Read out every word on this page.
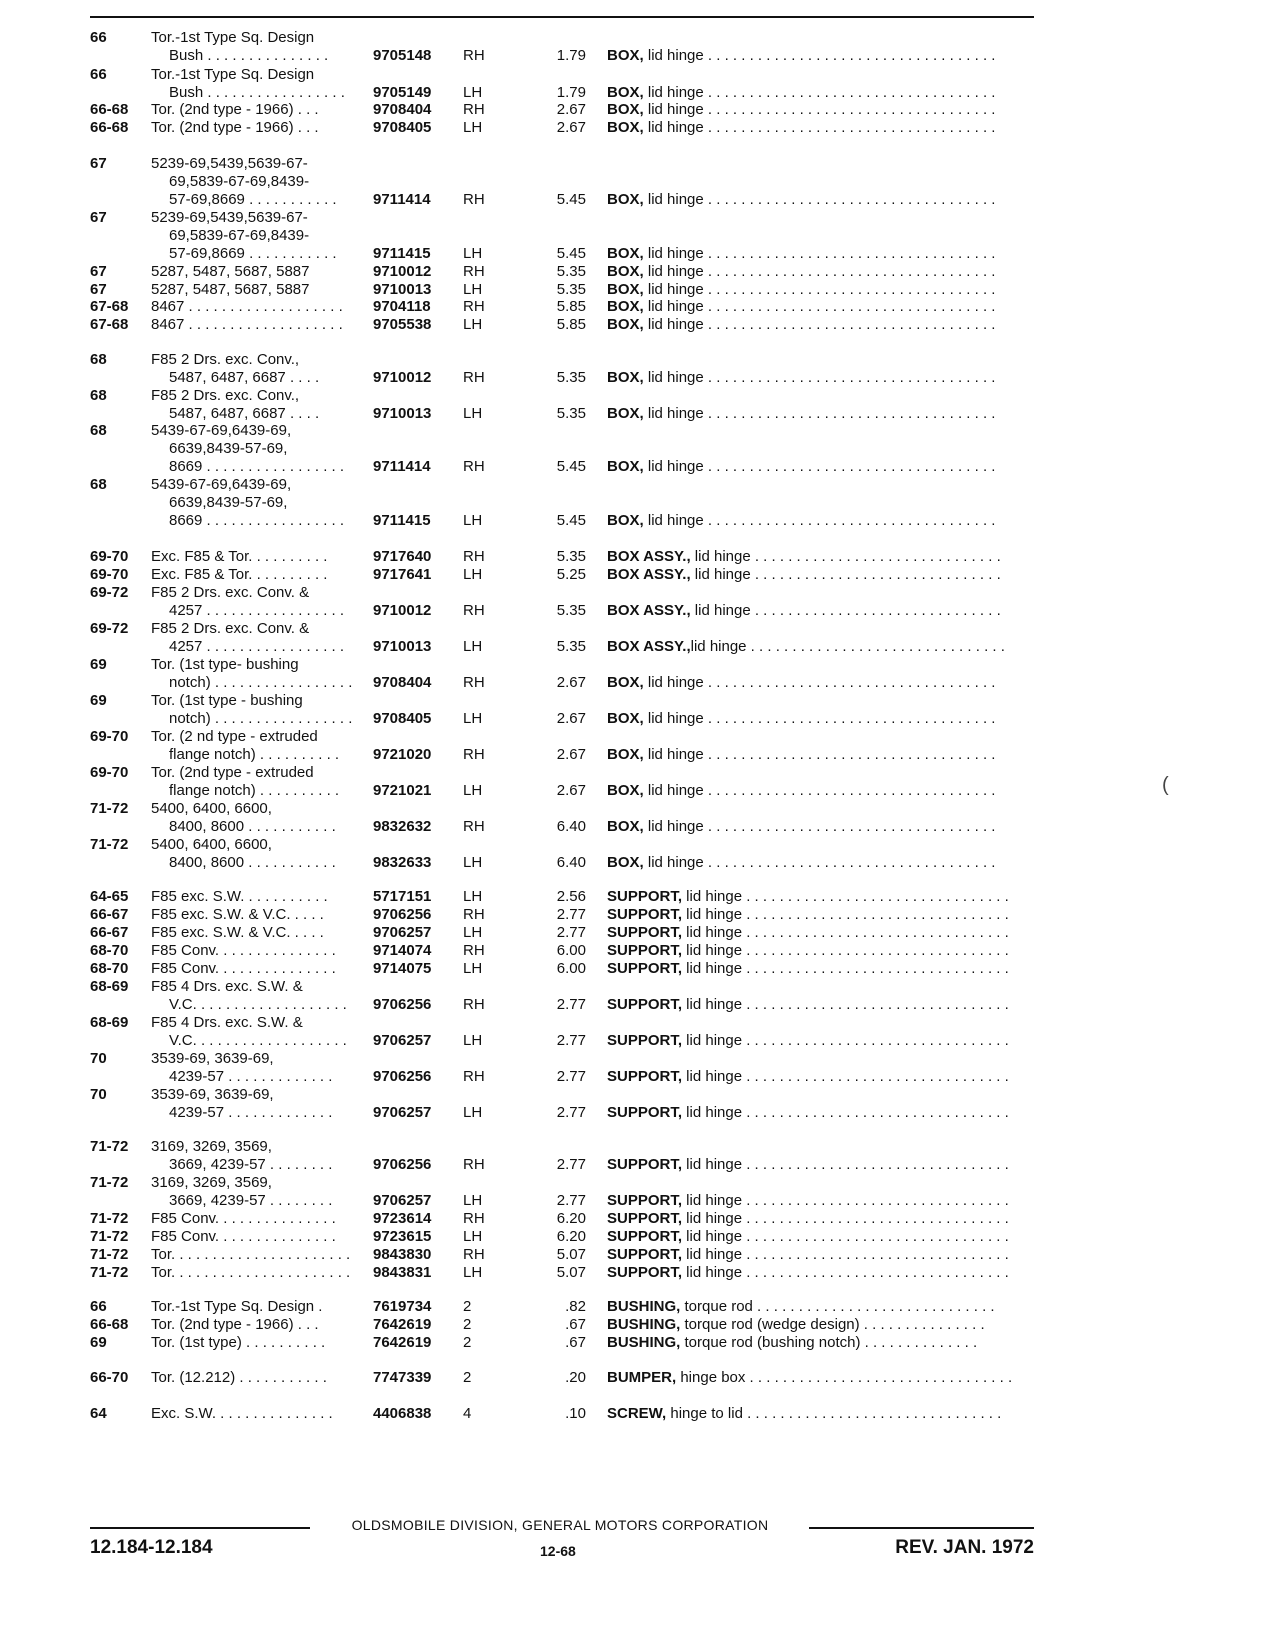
66	Tor.-1st Type Sq. Design
Bush . . . . . . . . . . . . . . .	9705148 RH	1.79 BOX, lid hinge . . . . . . . . . . . . . . . . . . . . . . . . . . . . . . . . . . .
66	Tor.-1st Type Sq. Design
Bush . . . . . . . . . . . . . . . . .	9705149 LH	1.79 BOX, lid hinge . . . . . . . . . . . . . . . . . . . . . . . . . . . . . . . . . . .
66-68 Tor. (2nd type - 1966) . . .	9708404 RH	2.67 BOX, lid hinge . . . . . . . . . . . . . . . . . . . . . . . . . . . . . . . . . . .
66-68 Tor. (2nd type - 1966) . . .	9708405 LH	2.67 BOX, lid hinge . . . . . . . . . . . . . . . . . . . . . . . . . . . . . . . . . . .
67	5239-69,5439,5639-67-
69,5839-67-69,8439-
57-69,8669 . . . . . . . . . . .	9711414 RH	5.45 BOX, lid hinge . . . . . . . . . . . . . . . . . . . . . . . . . . . . . . . . . . .
67	5239-69,5439,5639-67-
69,5839-67-69,8439-
57-69,8669 . . . . . . . . . . .	9711415 LH	5.45 BOX, lid hinge . . . . . . . . . . . . . . . . . . . . . . . . . . . . . . . . . . .
67	5287, 5487, 5687, 5887	9710012 RH	5.35 BOX, lid hinge . . . . . . . . . . . . . . . . . . . . . . . . . . . . . . . . . . .
67	5287, 5487, 5687, 5887	9710013 LH	5.35 BOX, lid hinge . . . . . . . . . . . . . . . . . . . . . . . . . . . . . . . . . . .
67-68 8467 . . . . . . . . . . . . . . . . . . .	9704118 RH	5.85 BOX, lid hinge . . . . . . . . . . . . . . . . . . . . . . . . . . . . . . . . . . .
67-68 8467 . . . . . . . . . . . . . . . . . . .	9705538 LH	5.85 BOX, lid hinge . . . . . . . . . . . . . . . . . . . . . . . . . . . . . . . . . . .
68	F85 2 Drs. exc. Conv.,
5487, 6487, 6687 . . . .	9710012 RH	5.35 BOX, lid hinge . . . . . . . . . . . . . . . . . . . . . . . . . . . . . . . . . . .
68	F85 2 Drs. exc. Conv.,
5487, 6487, 6687 . . . .	9710013 LH	5.35 BOX, lid hinge . . . . . . . . . . . . . . . . . . . . . . . . . . . . . . . . . . .
68	5439-67-69,6439-69,
6639,8439-57-69,
8669 . . . . . . . . . . . . . . . . .	9711414 RH	5.45 BOX, lid hinge . . . . . . . . . . . . . . . . . . . . . . . . . . . . . . . . . . .
68	5439-67-69,6439-69,
6639,8439-57-69,
8669 . . . . . . . . . . . . . . . . .	9711415 LH	5.45 BOX, lid hinge . . . . . . . . . . . . . . . . . . . . . . . . . . . . . . . . . . .
69-70 Exc. F85 & Tor. . . . . . . . . .	9717640 RH	5.35 BOX ASSY., lid hinge . . . . . . . . . . . . . . . . . . . . . . . . . . . . . .
69-70 Exc. F85 & Tor. . . . . . . . . .	9717641 LH	5.25 BOX ASSY., lid hinge . . . . . . . . . . . . . . . . . . . . . . . . . . . . . .
69-72 F85 2 Drs. exc. Conv. &
4257 . . . . . . . . . . . . . . . . .	9710012 RH	5.35 BOX ASSY., lid hinge . . . . . . . . . . . . . . . . . . . . . . . . . . . . . .
69-72 F85 2 Drs. exc. Conv. &
4257 . . . . . . . . . . . . . . . . .	9710013 LH	5.35 BOX ASSY.,lid hinge . . . . . . . . . . . . . . . . . . . . . . . . . . . . . . .
69	Tor. (1st type- bushing
notch) . . . . . . . . . . . . . . . . .	9708404 RH	2.67 BOX, lid hinge . . . . . . . . . . . . . . . . . . . . . . . . . . . . . . . . . . .
69	Tor. (1st type - bushing
notch) . . . . . . . . . . . . . . . . .	9708405 LH	2.67 BOX, lid hinge . . . . . . . . . . . . . . . . . . . . . . . . . . . . . . . . . . .
69-70 Tor. (2 nd type - extruded
flange notch) . . . . . . . . . .	9721020 RH	2.67 BOX, lid hinge . . . . . . . . . . . . . . . . . . . . . . . . . . . . . . . . . . .
69-70 Tor. (2nd type - extruded
flange notch) . . . . . . . . . .	9721021 LH	2.67 BOX, lid hinge . . . . . . . . . . . . . . . . . . . . . . . . . . . . . . . . . . .
71-72 5400, 6400, 6600,
8400, 8600 . . . . . . . . . . .	9832632 RH	6.40 BOX, lid hinge . . . . . . . . . . . . . . . . . . . . . . . . . . . . . . . . . . .
71-72 5400, 6400, 6600,
8400, 8600 . . . . . . . . . . .	9832633 LH	6.40 BOX, lid hinge . . . . . . . . . . . . . . . . . . . . . . . . . . . . . . . . . . .
64-65 F85 exc. S.W. . . . . . . . . . .	5717151 LH	2.56 SUPPORT, lid hinge . . . . . . . . . . . . . . . . . . . . . . . . . . . . . . . .
66-67 F85 exc. S.W. & V.C. . . . .	9706256 RH	2.77 SUPPORT, lid hinge . . . . . . . . . . . . . . . . . . . . . . . . . . . . . . . .
66-67 F85 exc. S.W. & V.C. . . . .	9706257 LH	2.77 SUPPORT, lid hinge . . . . . . . . . . . . . . . . . . . . . . . . . . . . . . . .
68-70 F85 Conv. . . . . . . . . . . . . . .	9714074 RH	6.00 SUPPORT, lid hinge . . . . . . . . . . . . . . . . . . . . . . . . . . . . . . . .
68-70 F85 Conv. . . . . . . . . . . . . . .	9714075 LH	6.00 SUPPORT, lid hinge . . . . . . . . . . . . . . . . . . . . . . . . . . . . . . . .
68-69 F85 4 Drs. exc. S.W. &
V.C. . . . . . . . . . . . . . . . . . .	9706256 RH	2.77 SUPPORT, lid hinge . . . . . . . . . . . . . . . . . . . . . . . . . . . . . . . .
68-69 F85 4 Drs. exc. S.W. &
V.C. . . . . . . . . . . . . . . . . . .	9706257 LH	2.77 SUPPORT, lid hinge . . . . . . . . . . . . . . . . . . . . . . . . . . . . . . . .
70	3539-69, 3639-69,
4239-57 . . . . . . . . . . . . .	9706256 RH	2.77 SUPPORT, lid hinge . . . . . . . . . . . . . . . . . . . . . . . . . . . . . . . .
70	3539-69, 3639-69,
4239-57 . . . . . . . . . . . . .	9706257 LH	2.77 SUPPORT, lid hinge . . . . . . . . . . . . . . . . . . . . . . . . . . . . . . . .
71-72 3169, 3269, 3569,
3669, 4239-57 . . . . . . . .	9706256 RH	2.77 SUPPORT, lid hinge . . . . . . . . . . . . . . . . . . . . . . . . . . . . . . . .
71-72 3169, 3269, 3569,
3669, 4239-57 . . . . . . . .	9706257 LH	2.77 SUPPORT, lid hinge . . . . . . . . . . . . . . . . . . . . . . . . . . . . . . . .
71-72 F85 Conv. . . . . . . . . . . . . . .	9723614 RH	6.20 SUPPORT, lid hinge . . . . . . . . . . . . . . . . . . . . . . . . . . . . . . . .
71-72 F85 Conv. . . . . . . . . . . . . . .	9723615 LH	6.20 SUPPORT, lid hinge . . . . . . . . . . . . . . . . . . . . . . . . . . . . . . . .
71-72 Tor. . . . . . . . . . . . . . . . . . . . . .	9843830 RH	5.07 SUPPORT, lid hinge . . . . . . . . . . . . . . . . . . . . . . . . . . . . . . . .
71-72 Tor. . . . . . . . . . . . . . . . . . . . . .	9843831 LH	5.07 SUPPORT, lid hinge . . . . . . . . . . . . . . . . . . . . . . . . . . . . . . . .
66	Tor.-1st Type Sq. Design .	7619734 2	.82 BUSHING, torque rod . . . . . . . . . . . . . . . . . . . . . . . . . . . . .
66-68 Tor. (2nd type - 1966) . . .	7642619 2	.67 BUSHING, torque rod (wedge design) . . . . . . . . . . . . . . .
69	Tor. (1st type) . . . . . . . . . .	7642619 2	.67 BUSHING, torque rod (bushing notch) . . . . . . . . . . . . . .
66-70 Tor. (12.212) . . . . . . . . . . .	7747339 2	.20 BUMPER, hinge box . . . . . . . . . . . . . . . . . . . . . . . . . . . . . . . .
64	Exc. S.W. . . . . . . . . . . . . . .	4406838 4	.10 SCREW, hinge to lid . . . . . . . . . . . . . . . . . . . . . . . . . . . . . . .
(
OLDSMOBILE DIVISION, GENERAL MOTORS CORPORATION
12.184-12.184	12-68	REV. JAN. 1972
